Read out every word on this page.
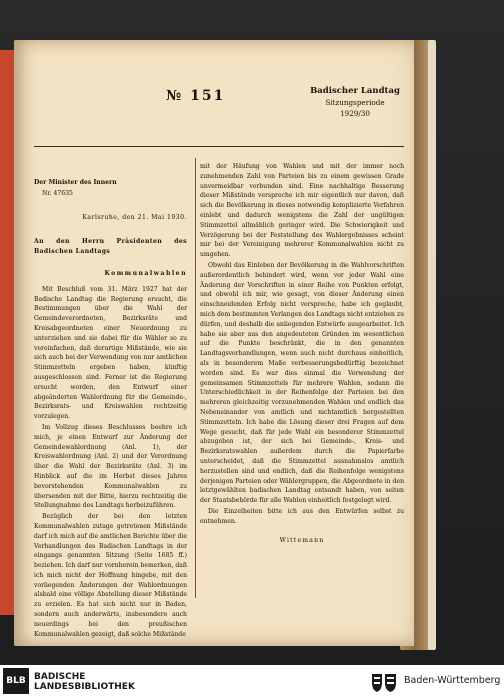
№ 151	Badischer Landtag
Sitzungsperiode
1929/30

Der Minister des Innern

Nr. 47635

Karlsruhe, den 21. Mai 1930.

An den Herrn Präsidenten des Badischen Landtags

Kommunalwahlen

Mit Beschluß vom 31. März 1927 hat der Badische Landtag die Regierung ersucht, die Bestimmungen über die Wahl der Gemeindeverordneten, Bezirksräte und Kreisabgeordneten einer Neuordnung zu unterziehen und sie dabei für die Wähler so zu vereinfachen, daß derartige Mißstände, wie sie sich auch bei der Verwendung von nur amtlichen Stimmzetteln ergeben haben, künftig ausgeschlossen sind. Ferner ist die Regierung ersucht worden, den Entwurf einer abgeänderten Wahlordnung für die Gemeinde-, Bezirksrats- und Kreiswahlen rechtzeitig vorzulegen.

Im Vollzug dieses Beschlusses beehre ich mich, je einen Entwurf zur Änderung der Gemeindewahlordnung (Anl. 1), der Kreiswahlordnung (Anl. 2) und der Verordnung über die Wahl der Bezirksräte (Anl. 3) im Hinblick auf die im Herbst dieses Jahres bevorstehenden Kommunalwahlen zu übersenden mit der Bitte, hierzu rechtzeitig die Stellungnahme des Landtags herbeizuführen.

Bezüglich der bei den letzten Kommunalwahlen zutage getretenen Mißstände darf ich mich auf die amtlichen Berichte über die Verhandlungen des Badischen Landtags in der eingangs genannten Sitzung (Seite 1685 ff.) beziehen. Ich darf nur vornherein bemerken, daß ich mich nicht der Hoffnung hingebe, mit den vorliegenden Änderungen der Wahlordnungen alsbald eine völlige Abstellung dieser Mißstände zu erzielen. Es hat sich nicht nur in Baden, sondern auch anderwärts, insbesondere auch neuerdings bei den preußischen Kommunalwahlen gezeigt, daß solche Mißstände

mit der Häufung von Wahlen und mit der immer noch zunehmenden Zahl von Parteien bis zu einem gewissen Grade unvermeidbar verbunden sind. Eine nachhaltige Besserung dieser Mißstände verspreche ich mir eigentlich nur davon, daß sich die Bevölkerung in dieses notwendig komplizierte Verfahren einlebt und dadurch wenigstens die Zahl der ungültigen Stimmzettel allmählich geringer wird. Die Schwierigkeit und Verzögerung bei der Feststellung des Wahlergebnisses scheint mir bei der Vereinigung mehrerer Kommunalwahlen nicht zu umgehen.

Obwohl das Einleben der Bevölkerung in die Wahlvorschriften außerordentlich behindert wird, wenn vor jeder Wahl eine Änderung der Vorschriften in einer Reihe von Punkten erfolgt, und obwohl ich mir, wie gesagt, von dieser Änderung einen einschneidenden Erfolg nicht verspreche, habe ich geglaubt, mich dem bestimmten Verlangen des Landtags nicht entziehen zu dürfen, und deshalb die anliegenden Entwürfe ausgearbeitet. Ich habe sie aber aus den angedeuteten Gründen im wesentlichen auf die Punkte beschränkt, die in den genannten Landtagsverhandlungen, wenn auch nicht durchaus einheitlich, als in besonderem Maße verbesserungsbedürftig bezeichnet worden sind. Es war dies einmal die Verwendung der gemeinsamen Stimmzettels für mehrere Wahlen, sodann die Unterschiedlichkeit in der Reihenfolge der Parteien bei den mehreren gleichzeitig vorzunehmenden Wahlen und endlich das Nebeneinander von amtlich und nichtamtlich hergestellten Stimmzetteln. Ich habe die Lösung dieser drei Fragen auf dem Wege gesucht, daß für jede Wahl ein besonderer Stimmzettel abzugeben ist, der sich bei Gemeinde-, Kreis- und Bezirksratswahlen außerdem durch die Papierfarbe unterscheidet, daß die Stimmzettel ausnahmslos amtlich herzustellen sind und endlich, daß die Reihenfolge wenigstens derjenigen Parteien oder Wählergruppen, die Abgeordnete in den letztgewählten badischen Landtag entsandt haben, von seiten der Staatsbehörde für alle Wahlen einheitlich festgelegt wird.

Die Einzelheiten bitte ich aus den Entwürfen selbst zu entnehmen.

Wittemann

BLB BADISCHE
LANDESBIBLIOTHEK
Baden-Württemberg
